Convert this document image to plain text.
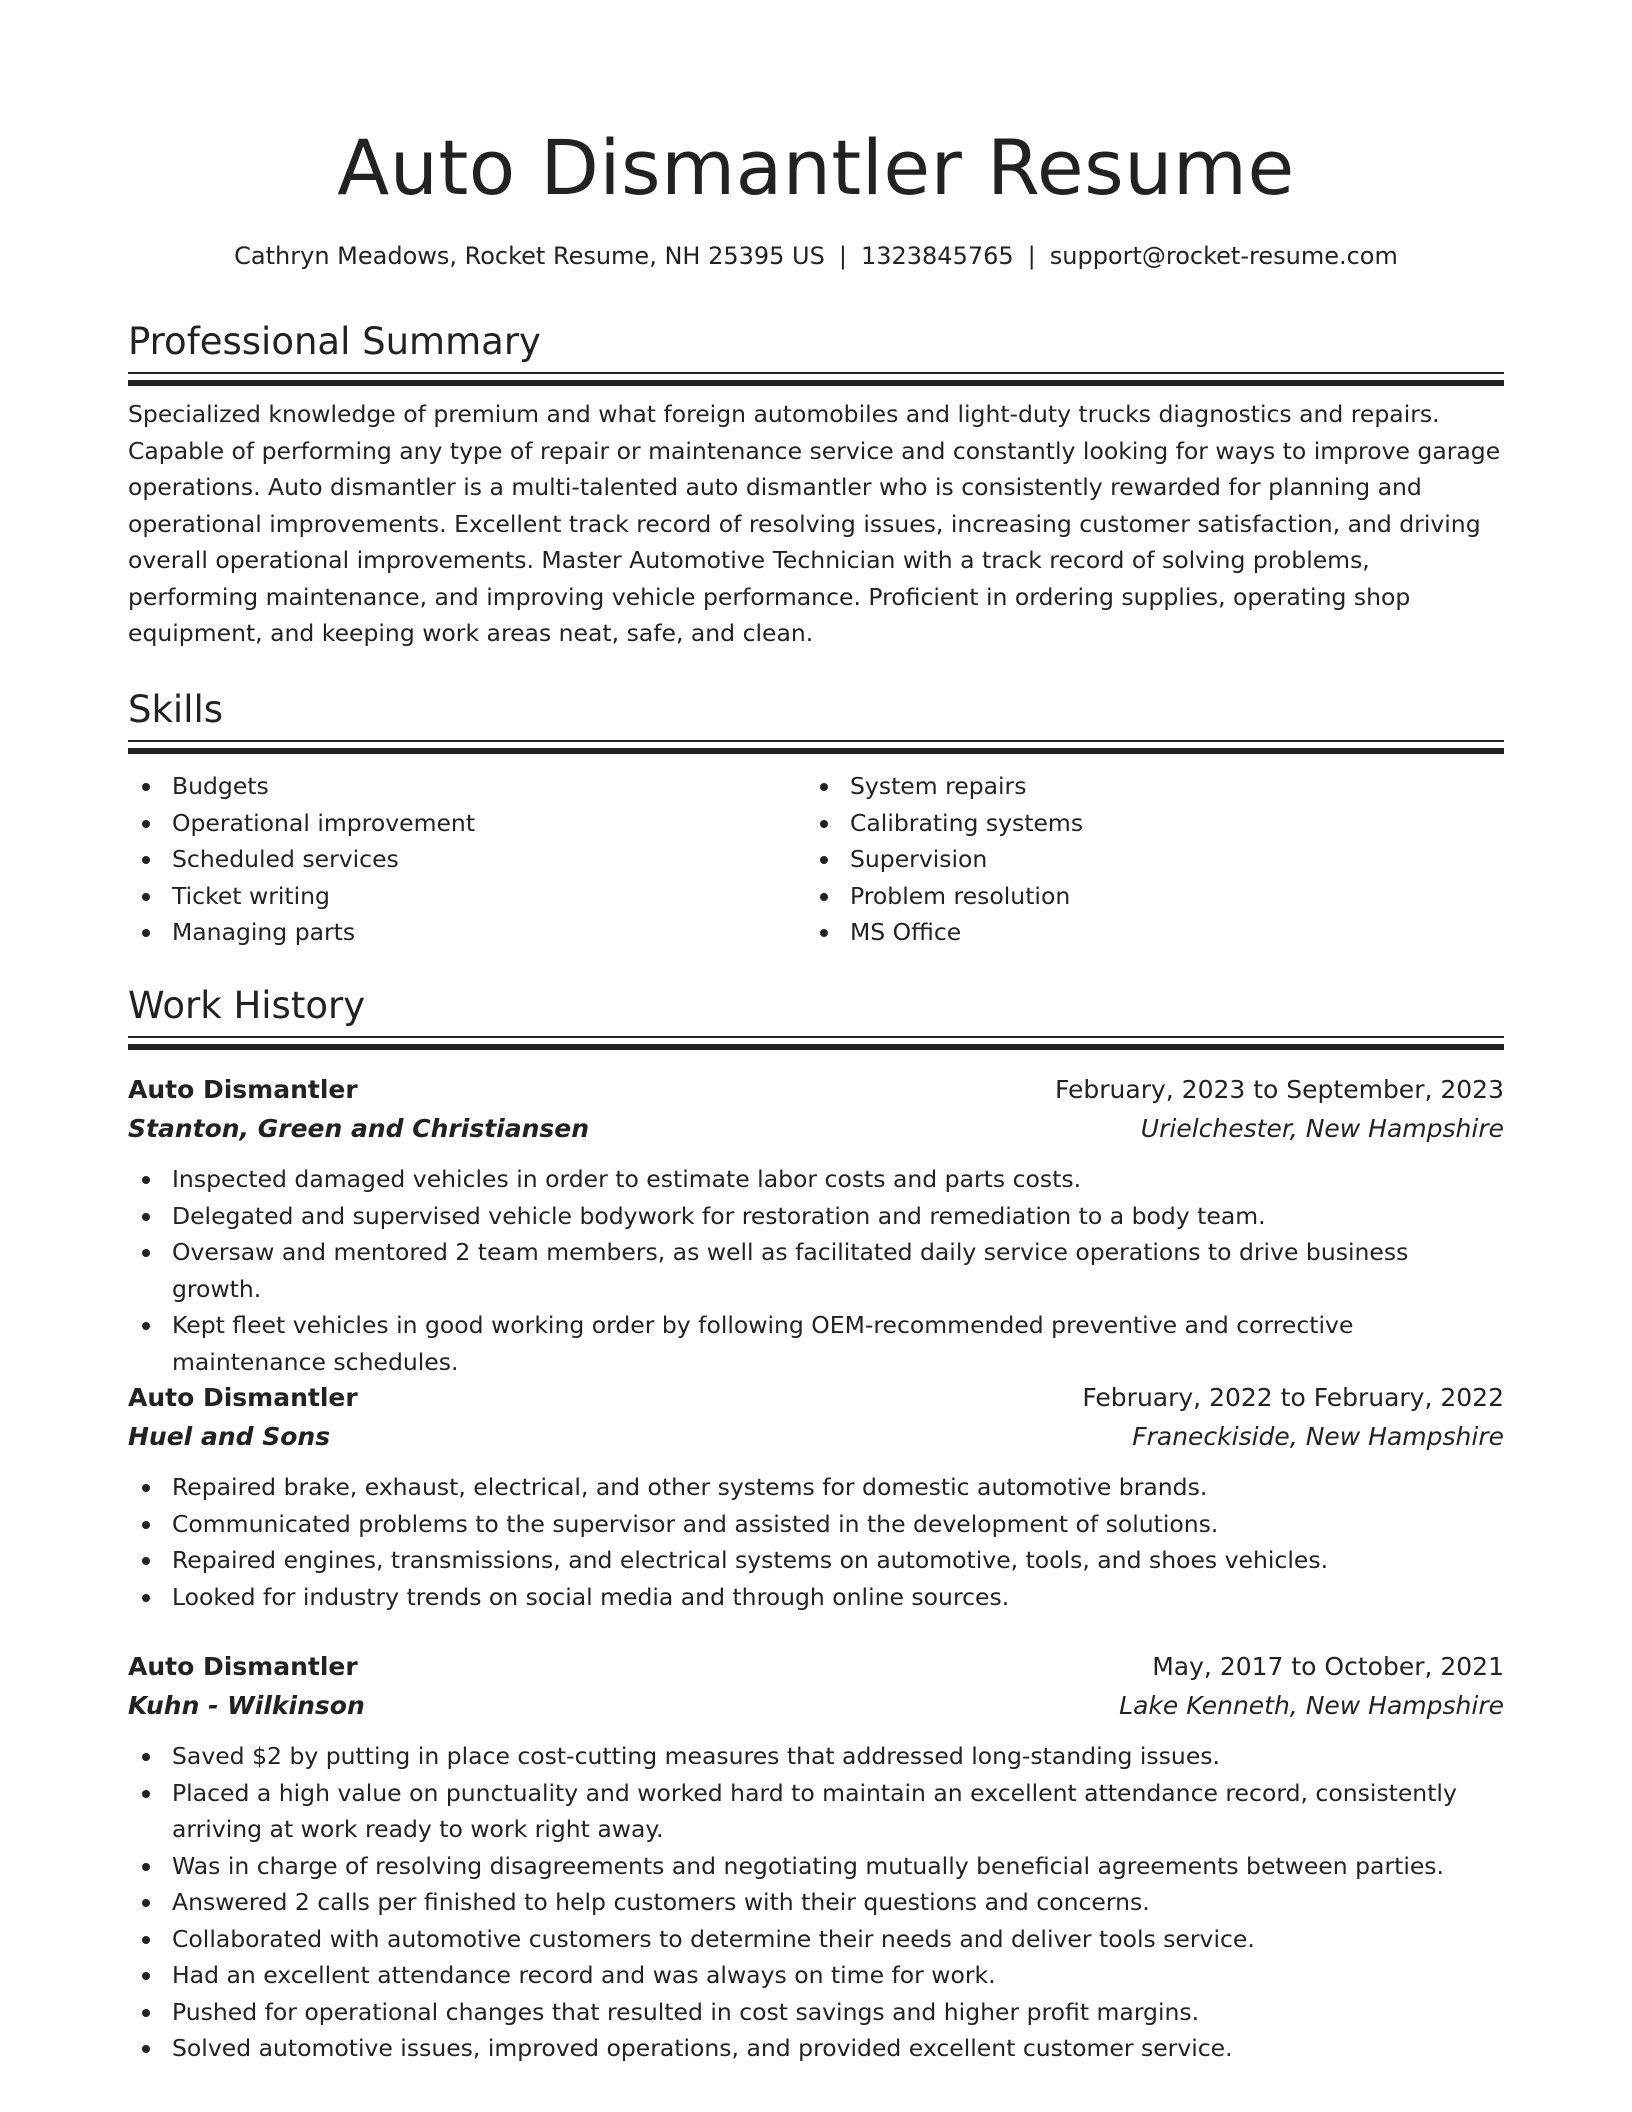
Auto Dismantler Resume
Cathryn Meadows, Rocket Resume, NH 25395 US | 1323845765 | support@rocket-resume.com
Professional Summary

Specialized knowledge of premium and what foreign automobiles and light-duty trucks diagnostics and repairs. Capable of performing any type of repair or maintenance service and constantly looking for ways to improve garage operations. Auto dismantler is a multi-talented auto dismantler who is consistently rewarded for planning and operational improvements. Excellent track record of resolving issues, increasing customer satisfaction, and driving overall operational improvements. Master Automotive Technician with a track record of solving problems, performing maintenance, and improving vehicle performance. Proficient in ordering supplies, operating shop equipment, and keeping work areas neat, safe, and clean.

Skills
Budgets
Operational improvement
Scheduled services
Ticket writing
Managing parts
System repairs
Calibrating systems
Supervision
Problem resolution
MS Office
Work History
Auto Dismantler	February, 2023 to September, 2023
Stanton, Green and Christiansen	Urielchester, New Hampshire
Inspected damaged vehicles in order to estimate labor costs and parts costs.
Delegated and supervised vehicle bodywork for restoration and remediation to a body team.
Oversaw and mentored 2 team members, as well as facilitated daily service operations to drive business growth.
Kept fleet vehicles in good working order by following OEM-recommended preventive and corrective maintenance schedules.
Auto Dismantler	February, 2022 to February, 2022
Huel and Sons	Franeckiside, New Hampshire
Repaired brake, exhaust, electrical, and other systems for domestic automotive brands.
Communicated problems to the supervisor and assisted in the development of solutions.
Repaired engines, transmissions, and electrical systems on automotive, tools, and shoes vehicles.
Looked for industry trends on social media and through online sources.
Auto Dismantler	May, 2017 to October, 2021
Kuhn - Wilkinson	Lake Kenneth, New Hampshire
Saved $2 by putting in place cost-cutting measures that addressed long-standing issues.
Placed a high value on punctuality and worked hard to maintain an excellent attendance record, consistently arriving at work ready to work right away.
Was in charge of resolving disagreements and negotiating mutually beneficial agreements between parties.
Answered 2 calls per finished to help customers with their questions and concerns.
Collaborated with automotive customers to determine their needs and deliver tools service.
Had an excellent attendance record and was always on time for work.
Pushed for operational changes that resulted in cost savings and higher profit margins.
Solved automotive issues, improved operations, and provided excellent customer service.
